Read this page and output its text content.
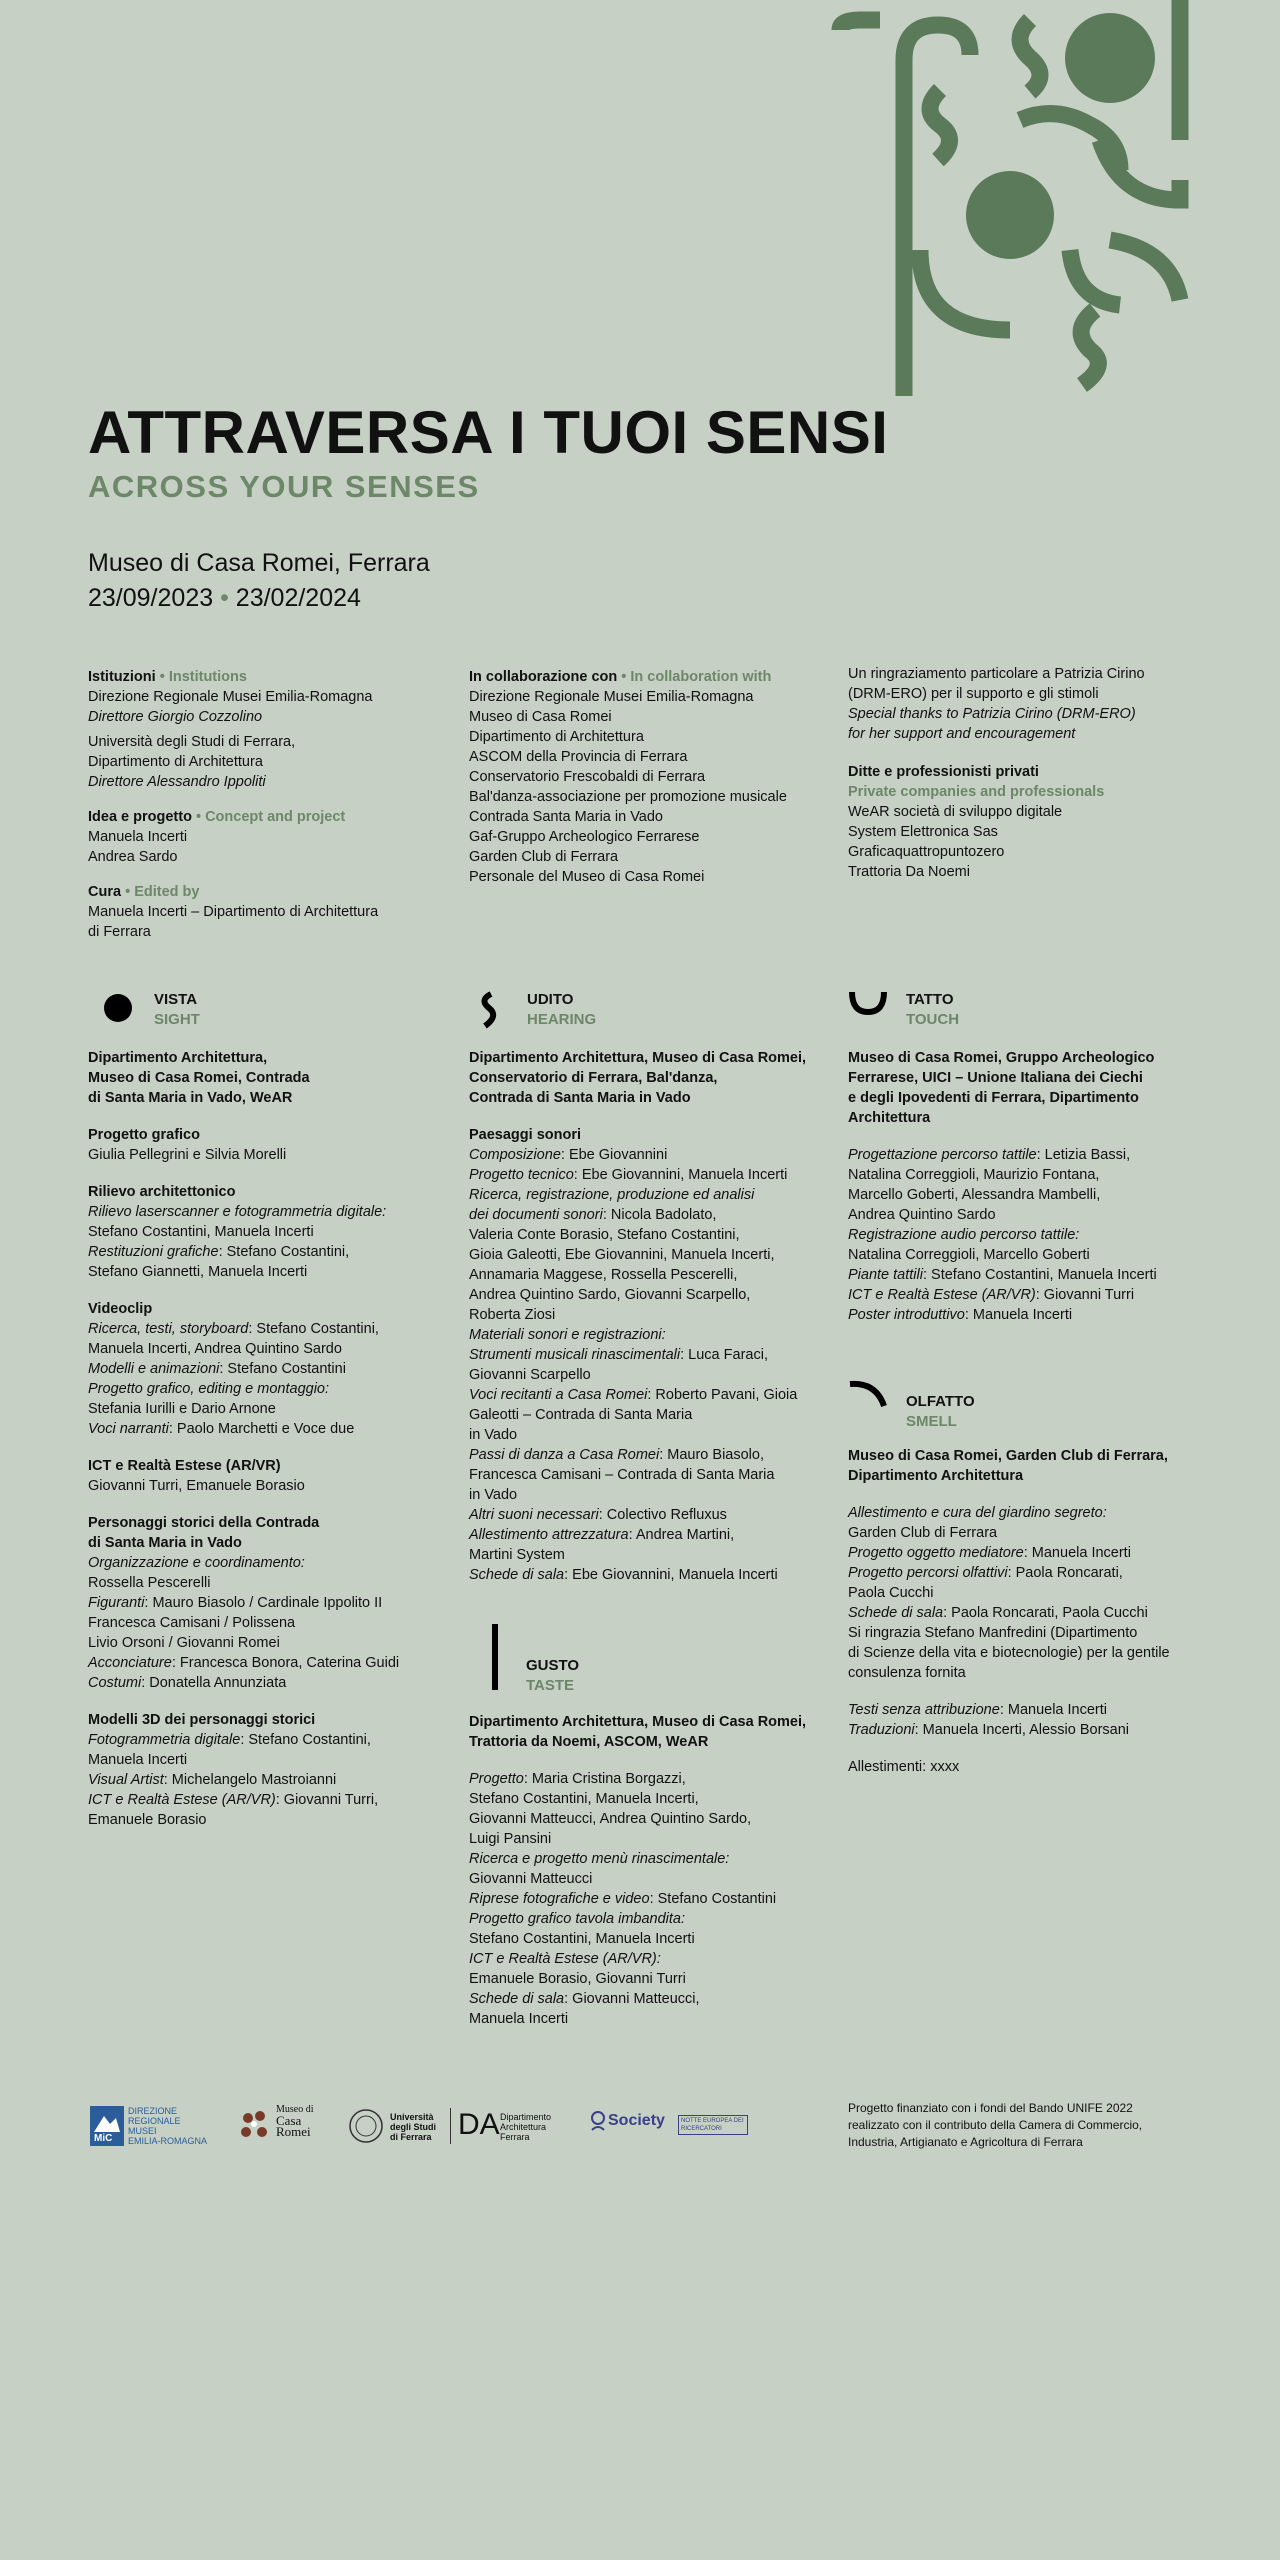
ATTRAVERSA I TUOI SENSI
ACROSS YOUR SENSES
Museo di Casa Romei, Ferrara
23/09/2023 • 23/02/2024
Istituzioni • Institutions
Direzione Regionale Musei Emilia-Romagna
Direttore Giorgio Cozzolino
Università degli Studi di Ferrara,
Dipartimento di Architettura
Direttore Alessandro Ippoliti
Idea e progetto • Concept and project
Manuela Incerti
Andrea Sardo
Cura • Edited by
Manuela Incerti – Dipartimento di Architettura
di Ferrara
In collaborazione con • In collaboration with
Direzione Regionale Musei Emilia-Romagna
Museo di Casa Romei
Dipartimento di Architettura
ASCOM della Provincia di Ferrara
Conservatorio Frescobaldi di Ferrara
Bal'danza-associazione per promozione musicale
Contrada Santa Maria in Vado
Gaf-Gruppo Archeologico Ferrarese
Garden Club di Ferrara
Personale del Museo di Casa Romei
Un ringraziamento particolare a Patrizia Cirino
(DRM-ERO) per il supporto e gli stimoli
Special thanks to Patrizia Cirino (DRM-ERO)
for her support and encouragement
Ditte e professionisti privati
Private companies and professionals
WeAR società di sviluppo digitale
System Elettronica Sas
Graficaquattropuntozero
Trattoria Da Noemi
VISTA
SIGHT
Dipartimento Architettura,
Museo di Casa Romei, Contrada
di Santa Maria in Vado, WeAR
Progetto grafico
Giulia Pellegrini e Silvia Morelli
Rilievo architettonico
Rilievo laserscanner e fotogrammetria digitale:
Stefano Costantini, Manuela Incerti
Restituzioni grafiche: Stefano Costantini,
Stefano Giannetti, Manuela Incerti
Videoclip
Ricerca, testi, storyboard: Stefano Costantini,
Manuela Incerti, Andrea Quintino Sardo
Modelli e animazioni: Stefano Costantini
Progetto grafico, editing e montaggio:
Stefania Iurilli e Dario Arnone
Voci narranti: Paolo Marchetti e Voce due
ICT e Realtà Estese (AR/VR)
Giovanni Turri, Emanuele Borasio
Personaggi storici della Contrada
di Santa Maria in Vado
Organizzazione e coordinamento:
Rossella Pescerelli
Figuranti: Mauro Biasolo / Cardinale Ippolito II
Francesca Camisani / Polissena
Livio Orsoni / Giovanni Romei
Acconciature: Francesca Bonora, Caterina Guidi
Costumi: Donatella Annunziata
Modelli 3D dei personaggi storici
Fotogrammetria digitale: Stefano Costantini,
Manuela Incerti
Visual Artist: Michelangelo Mastroianni
ICT e Realtà Estese (AR/VR): Giovanni Turri,
Emanuele Borasio
UDITO
HEARING
Dipartimento Architettura, Museo di Casa Romei,
Conservatorio di Ferrara, Bal'danza,
Contrada di Santa Maria in Vado
Paesaggi sonori
Composizione: Ebe Giovannini
Progetto tecnico: Ebe Giovannini, Manuela Incerti
Ricerca, registrazione, produzione ed analisi
dei documenti sonori: Nicola Badolato,
Valeria Conte Borasio, Stefano Costantini,
Gioia Galeotti, Ebe Giovannini, Manuela Incerti,
Annamaria Maggese, Rossella Pescerelli,
Andrea Quintino Sardo, Giovanni Scarpello,
Roberta Ziosi
Materiali sonori e registrazioni:
Strumenti musicali rinascimentali: Luca Faraci,
Giovanni Scarpello
Voci recitanti a Casa Romei: Roberto Pavani, Gioia
Galeotti – Contrada di Santa Maria
in Vado
Passi di danza a Casa Romei: Mauro Biasolo,
Francesca Camisani – Contrada di Santa Maria
in Vado
Altri suoni necessari: Colectivo Refluxus
Allestimento attrezzatura: Andrea Martini,
Martini System
Schede di sala: Ebe Giovannini, Manuela Incerti
TATTO
TOUCH
Museo di Casa Romei, Gruppo Archeologico
Ferrarese, UICI – Unione Italiana dei Ciechi
e degli Ipovedenti di Ferrara, Dipartimento
Architettura
Progettazione percorso tattile: Letizia Bassi,
Natalina Correggioli, Maurizio Fontana,
Marcello Goberti, Alessandra Mambelli,
Andrea Quintino Sardo
Registrazione audio percorso tattile:
Natalina Correggioli, Marcello Goberti
Piante tattili: Stefano Costantini, Manuela Incerti
ICT e Realtà Estese (AR/VR): Giovanni Turri
Poster introduttivo: Manuela Incerti
OLFATTO
SMELL
Museo di Casa Romei, Garden Club di Ferrara,
Dipartimento Architettura
Allestimento e cura del giardino segreto:
Garden Club di Ferrara
Progetto oggetto mediatore: Manuela Incerti
Progetto percorsi olfattivi: Paola Roncarati,
Paola Cucchi
Schede di sala: Paola Roncarati, Paola Cucchi
Si ringrazia Stefano Manfredini (Dipartimento
di Scienze della vita e biotecnologie) per la gentile
consulenza fornita
Testi senza attribuzione: Manuela Incerti
Traduzioni: Manuela Incerti, Alessio Borsani
Allestimenti: xxxx
GUSTO
TASTE
Dipartimento Architettura, Museo di Casa Romei,
Trattoria da Noemi, ASCOM, WeAR
Progetto: Maria Cristina Borgazzi,
Stefano Costantini, Manuela Incerti,
Giovanni Matteucci, Andrea Quintino Sardo,
Luigi Pansini
Ricerca e progetto menù rinascimentale:
Giovanni Matteucci
Riprese fotografiche e video: Stefano Costantini
Progetto grafico tavola imbandita:
Stefano Costantini, Manuela Incerti
ICT e Realtà Estese (AR/VR):
Emanuele Borasio, Giovanni Turri
Schede di sala: Giovanni Matteucci,
Manuela Incerti
MiC
DIREZIONE
REGIONALE
MUSEI
EMILIA-ROMAGNA
Museo di
Casa
Romei
Università
degli Studi
di Ferrara DA Dipartimento
Architettura
Ferrara
Society	NOTTE EUROPEA DEI RICERCATORI
Progetto finanziato con i fondi del Bando UNIFE 2022
realizzato con il contributo della Camera di Commercio,
Industria, Artigianato e Agricoltura di Ferrara
